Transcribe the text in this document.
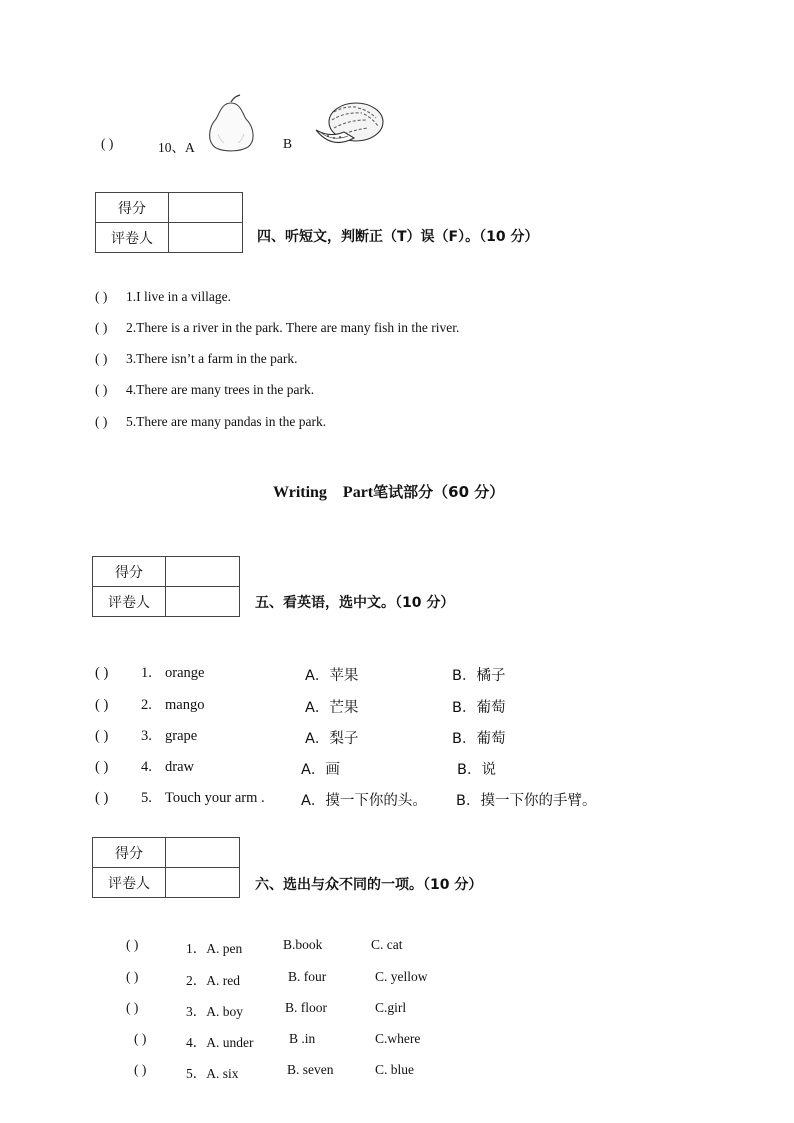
( )	10、A	B
得分	
评卷人		四、听短文，判断正（T）误（F）。（10 分）
( ) 1.I live in a village.
( ) 2.There is a river in the park. There are many fish in the river.
( ) 3.There isn’t a farm in the park.
( ) 4.There are many trees in the park.
( ) 5.There are many pandas in the park.
Writing    Part笔试部分（60 分）
得分	
评卷人		五、看英语，选中文。（10 分）
( ) 1. orange	A．苹果	B．橘子
( ) 2. mango	A．芒果	B．葡萄
( ) 3. grape	A．梨子	B．葡萄
( ) 4. draw	A．画	B．说
( ) 5. Touch your arm .	A．摸一下你的头。 B．摸一下你的手臂。
得分	
评卷人		六、选出与众不同的一项。（10 分）
( )	1．A. pen	B.book	C. cat
( )	2．A. red	B. four	C. yellow
( )	3．A. boy	B. floor	C.girl
( )	4．A. under	B .in	C.where
( )	5．A. six	B. seven	C. blue
